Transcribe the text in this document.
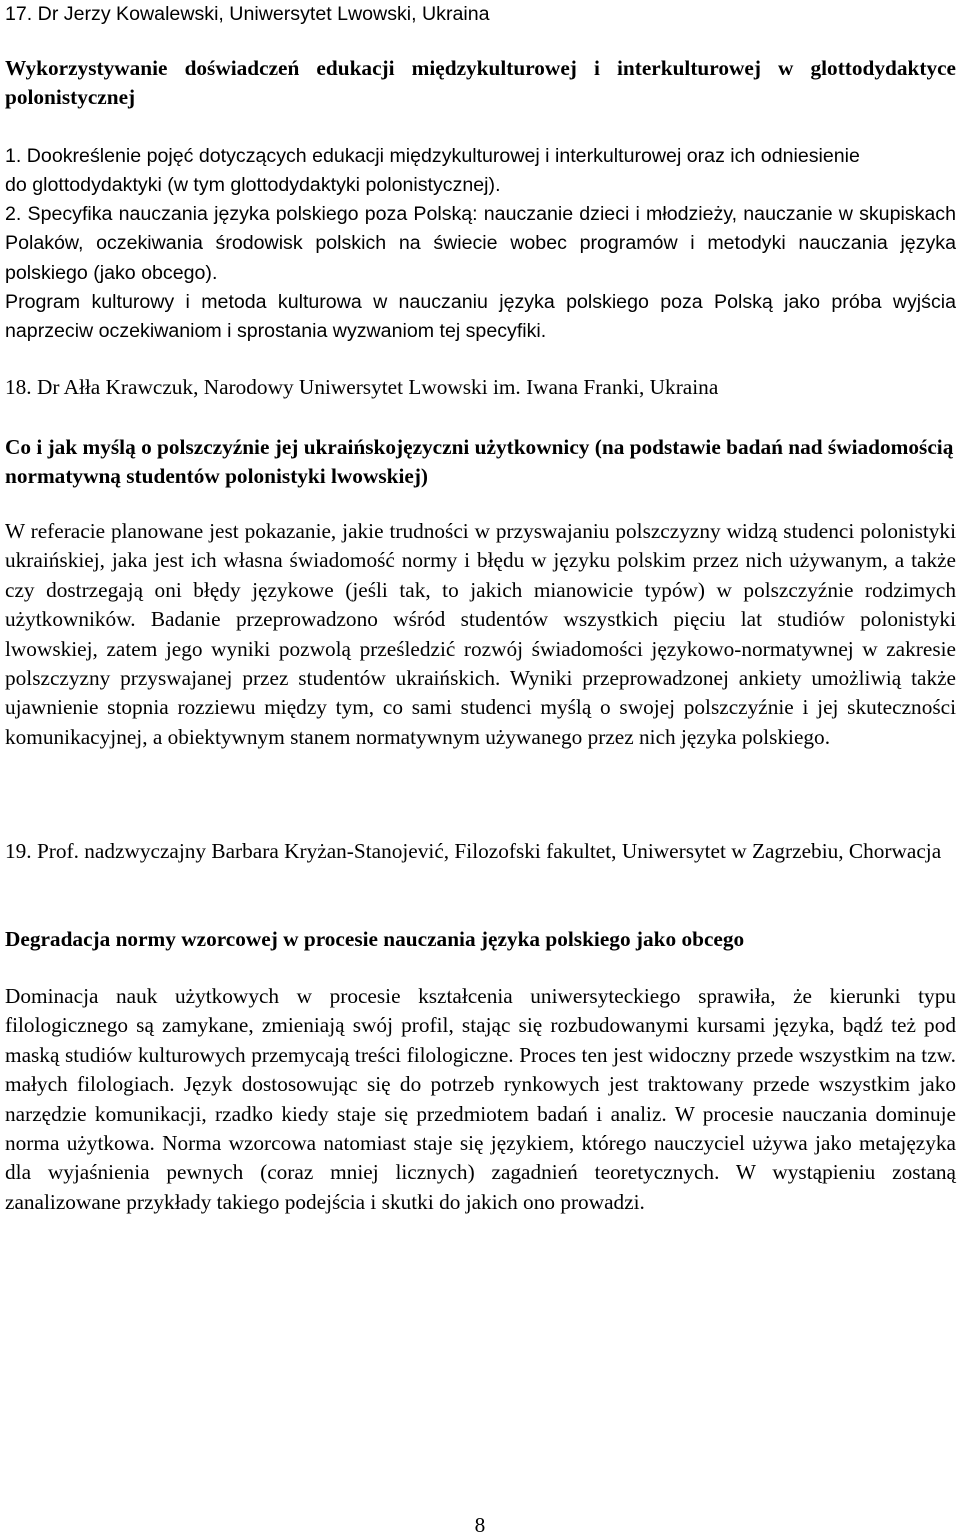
17. Dr Jerzy Kowalewski, Uniwersytet Lwowski, Ukraina

Wykorzystywanie doświadczeń edukacji międzykulturowej i interkulturowej w glottodydaktyce polonistycznej

1. Dookreślenie pojęć dotyczących edukacji międzykulturowej i interkulturowej oraz ich odniesienie do glottodydaktyki (w tym glottodydaktyki polonistycznej).

2. Specyfika nauczania języka polskiego poza Polską: nauczanie dzieci i młodzieży, nauczanie w skupiskach Polaków, oczekiwania środowisk polskich na świecie wobec programów i metodyki nauczania języka polskiego (jako obcego).

Program kulturowy i metoda kulturowa w nauczaniu języka polskiego poza Polską jako próba wyjścia naprzeciw oczekiwaniom i sprostania wyzwaniom tej specyfiki.

18. Dr Ałła Krawczuk, Narodowy Uniwersytet Lwowski im. Iwana Franki, Ukraina

Co i jak myślą o polszczyźnie jej ukraińskojęzyczni użytkownicy (na podstawie badań nad świadomością normatywną studentów polonistyki lwowskiej)

W referacie planowane jest pokazanie, jakie trudności w przyswajaniu polszczyzny widzą studenci polonistyki ukraińskiej, jaka jest ich własna świadomość normy i błędu w języku polskim przez nich używanym, a także czy dostrzegają oni błędy językowe (jeśli tak, to jakich mianowicie typów) w polszczyźnie rodzimych użytkowników. Badanie przeprowadzono wśród studentów wszystkich pięciu lat studiów polonistyki lwowskiej, zatem jego wyniki pozwolą prześledzić rozwój świadomości językowo-normatywnej w zakresie polszczyzny przyswajanej przez studentów ukraińskich. Wyniki przeprowadzonej ankiety umożliwią także ujawnienie stopnia rozziewu między tym, co sami studenci myślą o swojej polszczyźnie i jej skuteczności komunikacyjnej, a obiektywnym stanem normatywnym używanego przez nich języka polskiego.

19. Prof. nadzwyczajny Barbara Kryżan-Stanojević, Filozofski fakultet, Uniwersytet w Zagrzebiu, Chorwacja

Degradacja normy wzorcowej w procesie nauczania języka polskiego jako obcego

Dominacja nauk użytkowych w procesie kształcenia uniwersyteckiego sprawiła, że kierunki typu filologicznego są zamykane, zmieniają swój profil, stając się rozbudowanymi kursami języka, bądź też pod maską studiów kulturowych przemycają treści filologiczne. Proces ten jest widoczny przede wszystkim na tzw. małych filologiach. Język dostosowując się do potrzeb rynkowych jest traktowany przede wszystkim jako narzędzie komunikacji, rzadko kiedy staje się przedmiotem badań i analiz. W procesie nauczania dominuje norma użytkowa. Norma wzorcowa natomiast staje się językiem, którego nauczyciel używa jako metajęzyka dla wyjaśnienia pewnych (coraz mniej licznych) zagadnień teoretycznych. W wystąpieniu zostaną zanalizowane przykłady takiego podejścia i skutki do jakich ono prowadzi.

8
